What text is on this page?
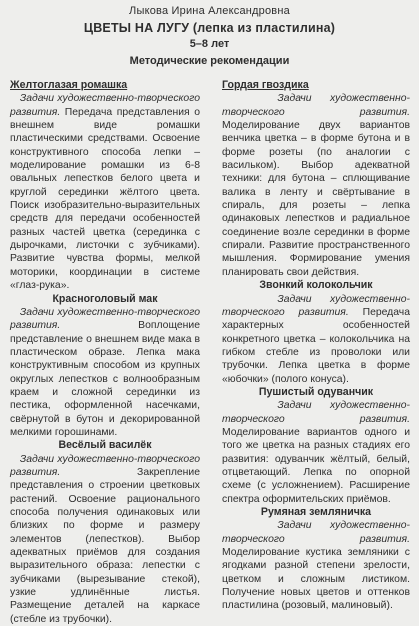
Лыкова Ирина Александровна
ЦВЕТЫ НА ЛУГУ (лепка из пластилина)
5–8 лет
Методические рекомендации
Желтоглазая ромашка
Задачи художественно-творческого развития. Передача представления о внешнем виде ромашки пластическими средствами. Освоение конструктивного способа лепки – моделирование ромашки из 6-8 овальных лепестков белого цвета и круглой серединки жёлтого цвета. Поиск изобразительно-выразительных средств для передачи особенностей разных частей цветка (серединка с дырочками, листочки с зубчиками). Развитие чувства формы, мелкой моторики, координации в системе «глаз-рука».
Красноголовый мак
Задачи художественно-творческого развития. Воплощение представление о внешнем виде мака в пластическом образе. Лепка мака конструктивным способом из крупных округлых лепестков с волнообразным краем и сложной серединки из пестика, оформленной насечками, свёрнутой в бутон и декорированной мелкими горошинами.
Весёлый василёк
Задачи художественно-творческого развития. Закрепление представления о строении цветковых растений. Освоение рационального способа получения одинаковых или близких по форме и размеру элементов (лепестков). Выбор адекватных приёмов для создания выразительного образа: лепестки с зубчиками (вырезывание стекой), узкие удлинённые листья. Размещение деталей на каркасе (стебле из трубочки).
Гордая гвоздика
Задачи художественно-творческого развития. Моделирование двух вариантов венчика цветка – в форме бутона и в форме розеты (по аналогии с васильком). Выбор адекватной техники: для бутона – сплющивание валика в ленту и свёртывание в спираль, для розеты – лепка одинаковых лепестков и радиальное соединение возле серединки в форме спирали. Развитие пространственного мышления. Формирование умения планировать свои действия.
Звонкий колокольчик
Задачи художественно-творческого развития. Передача характерных особенностей конкретного цветка – колокольчика на гибком стебле из проволоки или трубочки. Лепка цветка в форме «юбочки» (полого конуса).
Пушистый одуванчик
Задачи художественно-творческого развития. Моделирование вариантов одного и того же цветка на разных стадиях его развития: одуванчик жёлтый, белый, отцветающий. Лепка по опорной схеме (с усложнением). Расширение спектра оформительских приёмов.
Румяная земляничка
Задачи художественно-творческого развития. Моделирование кустика земляники с ягодками разной степени зрелости, цветком и сложным листиком. Получение новых цветов и оттенков пластилина (розовый, малиновый).
